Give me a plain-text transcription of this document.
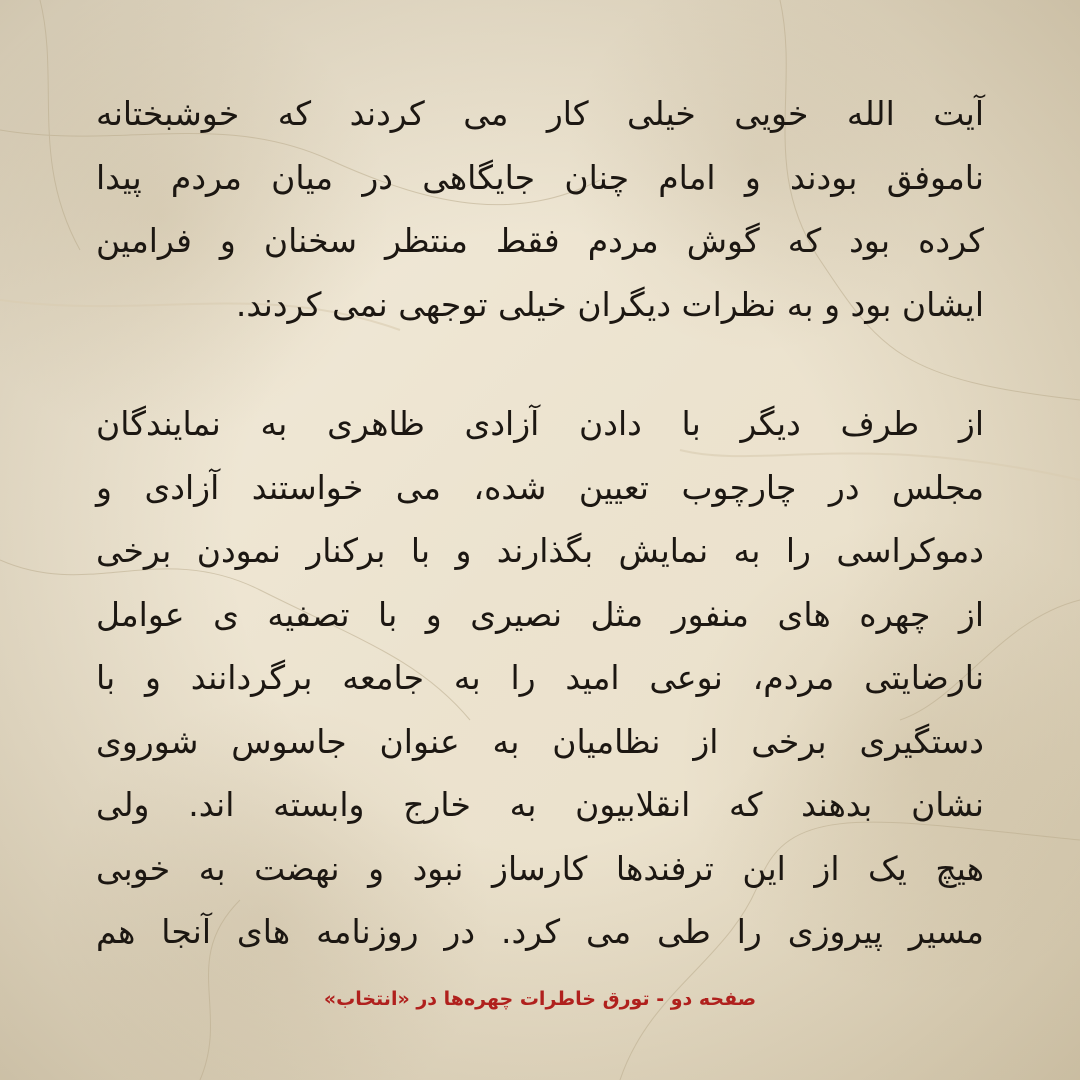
آیت الله خویی خیلی کار می کردند که خوشبختانه
ناموفق بودند و امام چنان جایگاهی در میان مردم پیدا
کرده بود که گوش مردم فقط منتظر سخنان و فرامین
ایشان بود و به نظرات دیگران خیلی توجهی نمی کردند.

از طرف دیگر با دادن آزادی ظاهری به نمایندگان
مجلس در چارچوب تعیین شده، می خواستند آزادی و
دموکراسی را به نمایش بگذارند و با برکنار نمودن برخی
از چهره های منفور مثل نصیری و با تصفیه ی عوامل
نارضایتی مردم، نوعی امید را به جامعه برگردانند و با
دستگیری برخی از نظامیان به عنوان جاسوس شوروی
نشان بدهند که انقلابیون به خارج وابسته اند. ولی
هیچ یک از این ترفندها کارساز نبود و نهضت به خوبی
مسیر پیروزی را طی می کرد. در روزنامه های آنجا هم

صفحه دو - تورق خاطرات چهره‌ها در «انتخاب»
